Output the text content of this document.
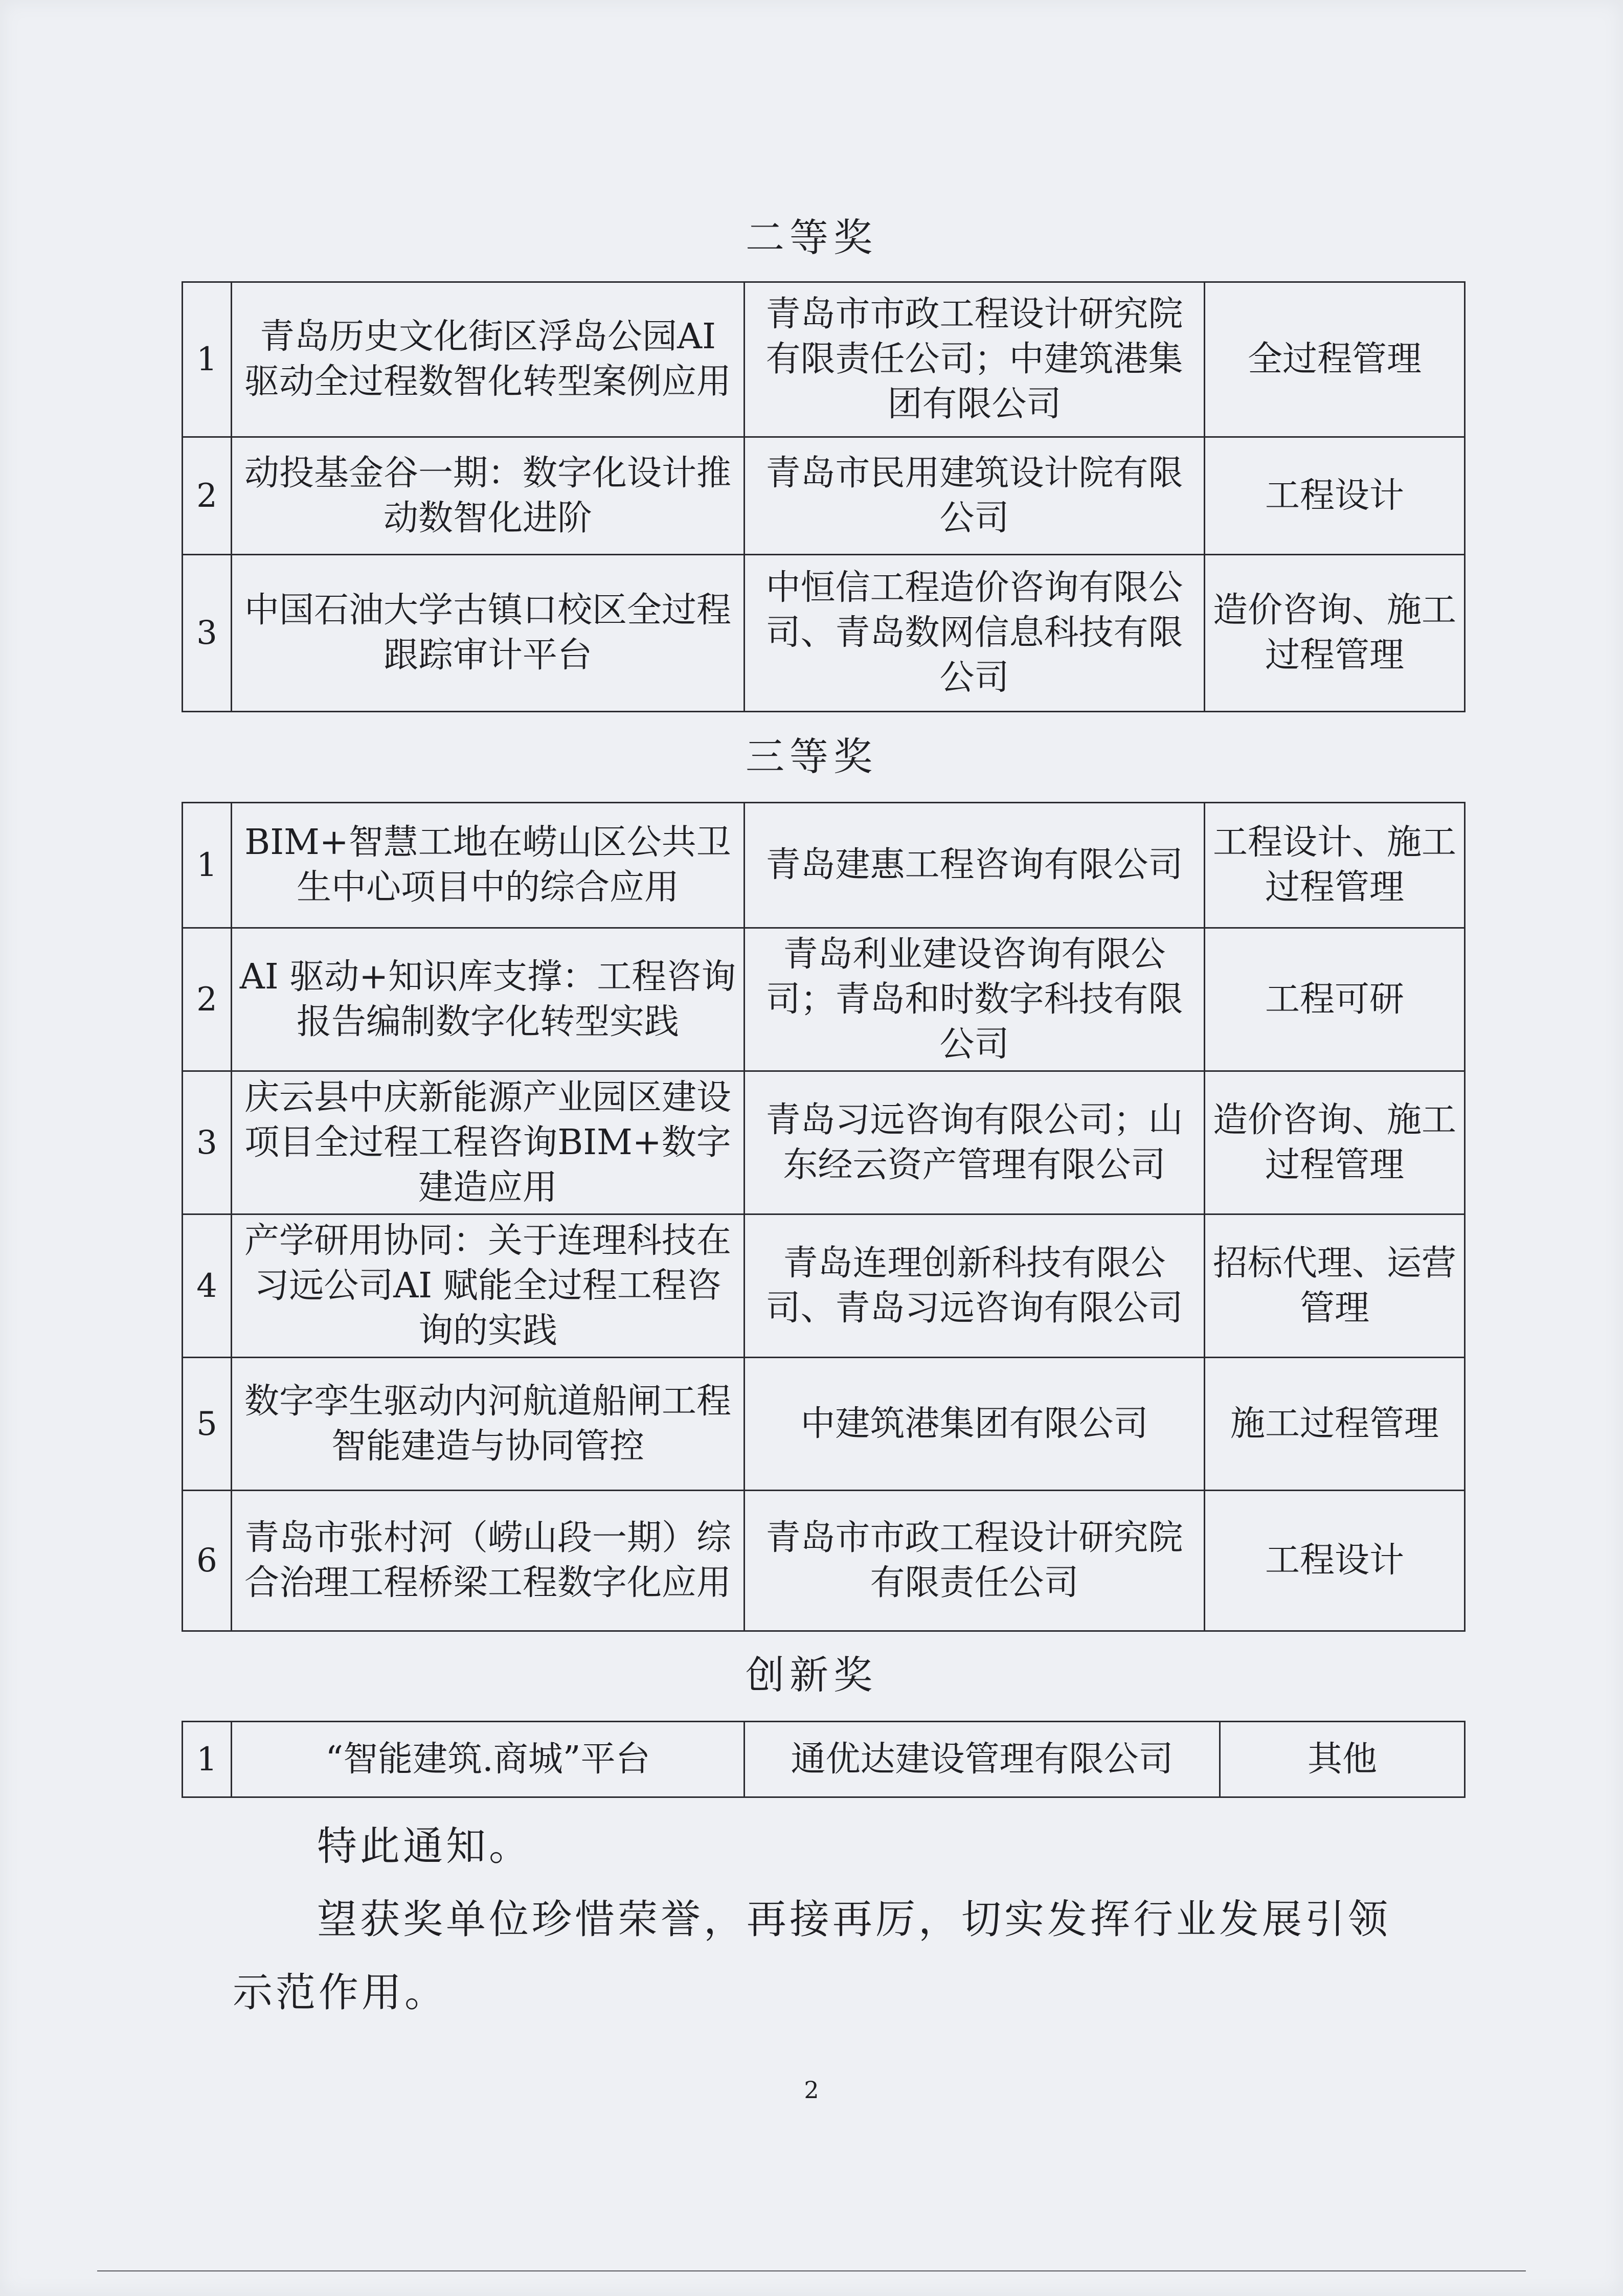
二等奖
1	青岛历史文化街区浮岛公园AI 驱动全过程数智化转型案例应用	青岛市市政工程设计研究院有限责任公司；中建筑港集团有限公司	全过程管理
2	动投基金谷一期：数字化设计推动数智化进阶	青岛市民用建筑设计院有限公司	工程设计
3	中国石油大学古镇口校区全过程跟踪审计平台	中恒信工程造价咨询有限公司、青岛数网信息科技有限公司	造价咨询、施工过程管理
三等奖
1	BIM+智慧工地在崂山区公共卫生中心项目中的综合应用	青岛建惠工程咨询有限公司	工程设计、施工过程管理
2	AI 驱动+知识库支撑：工程咨询报告编制数字化转型实践	青岛利业建设咨询有限公司；青岛和时数字科技有限公司	工程可研
3	庆云县中庆新能源产业园区建设项目全过程工程咨询BIM+数字建造应用	青岛习远咨询有限公司；山东经云资产管理有限公司	造价咨询、施工过程管理
4	产学研用协同：关于连理科技在习远公司AI 赋能全过程工程咨询的实践	青岛连理创新科技有限公司、青岛习远咨询有限公司	招标代理、运营管理
5	数字孪生驱动内河航道船闸工程智能建造与协同管控	中建筑港集团有限公司	施工过程管理
6	青岛市张村河（崂山段一期）综合治理工程桥梁工程数字化应用	青岛市市政工程设计研究院有限责任公司	工程设计
创新奖
1	“智能建筑.商城”平台	通优达建设管理有限公司	其他
特此通知。
望获奖单位珍惜荣誉，再接再厉，切实发挥行业发展引领
示范作用。
2
